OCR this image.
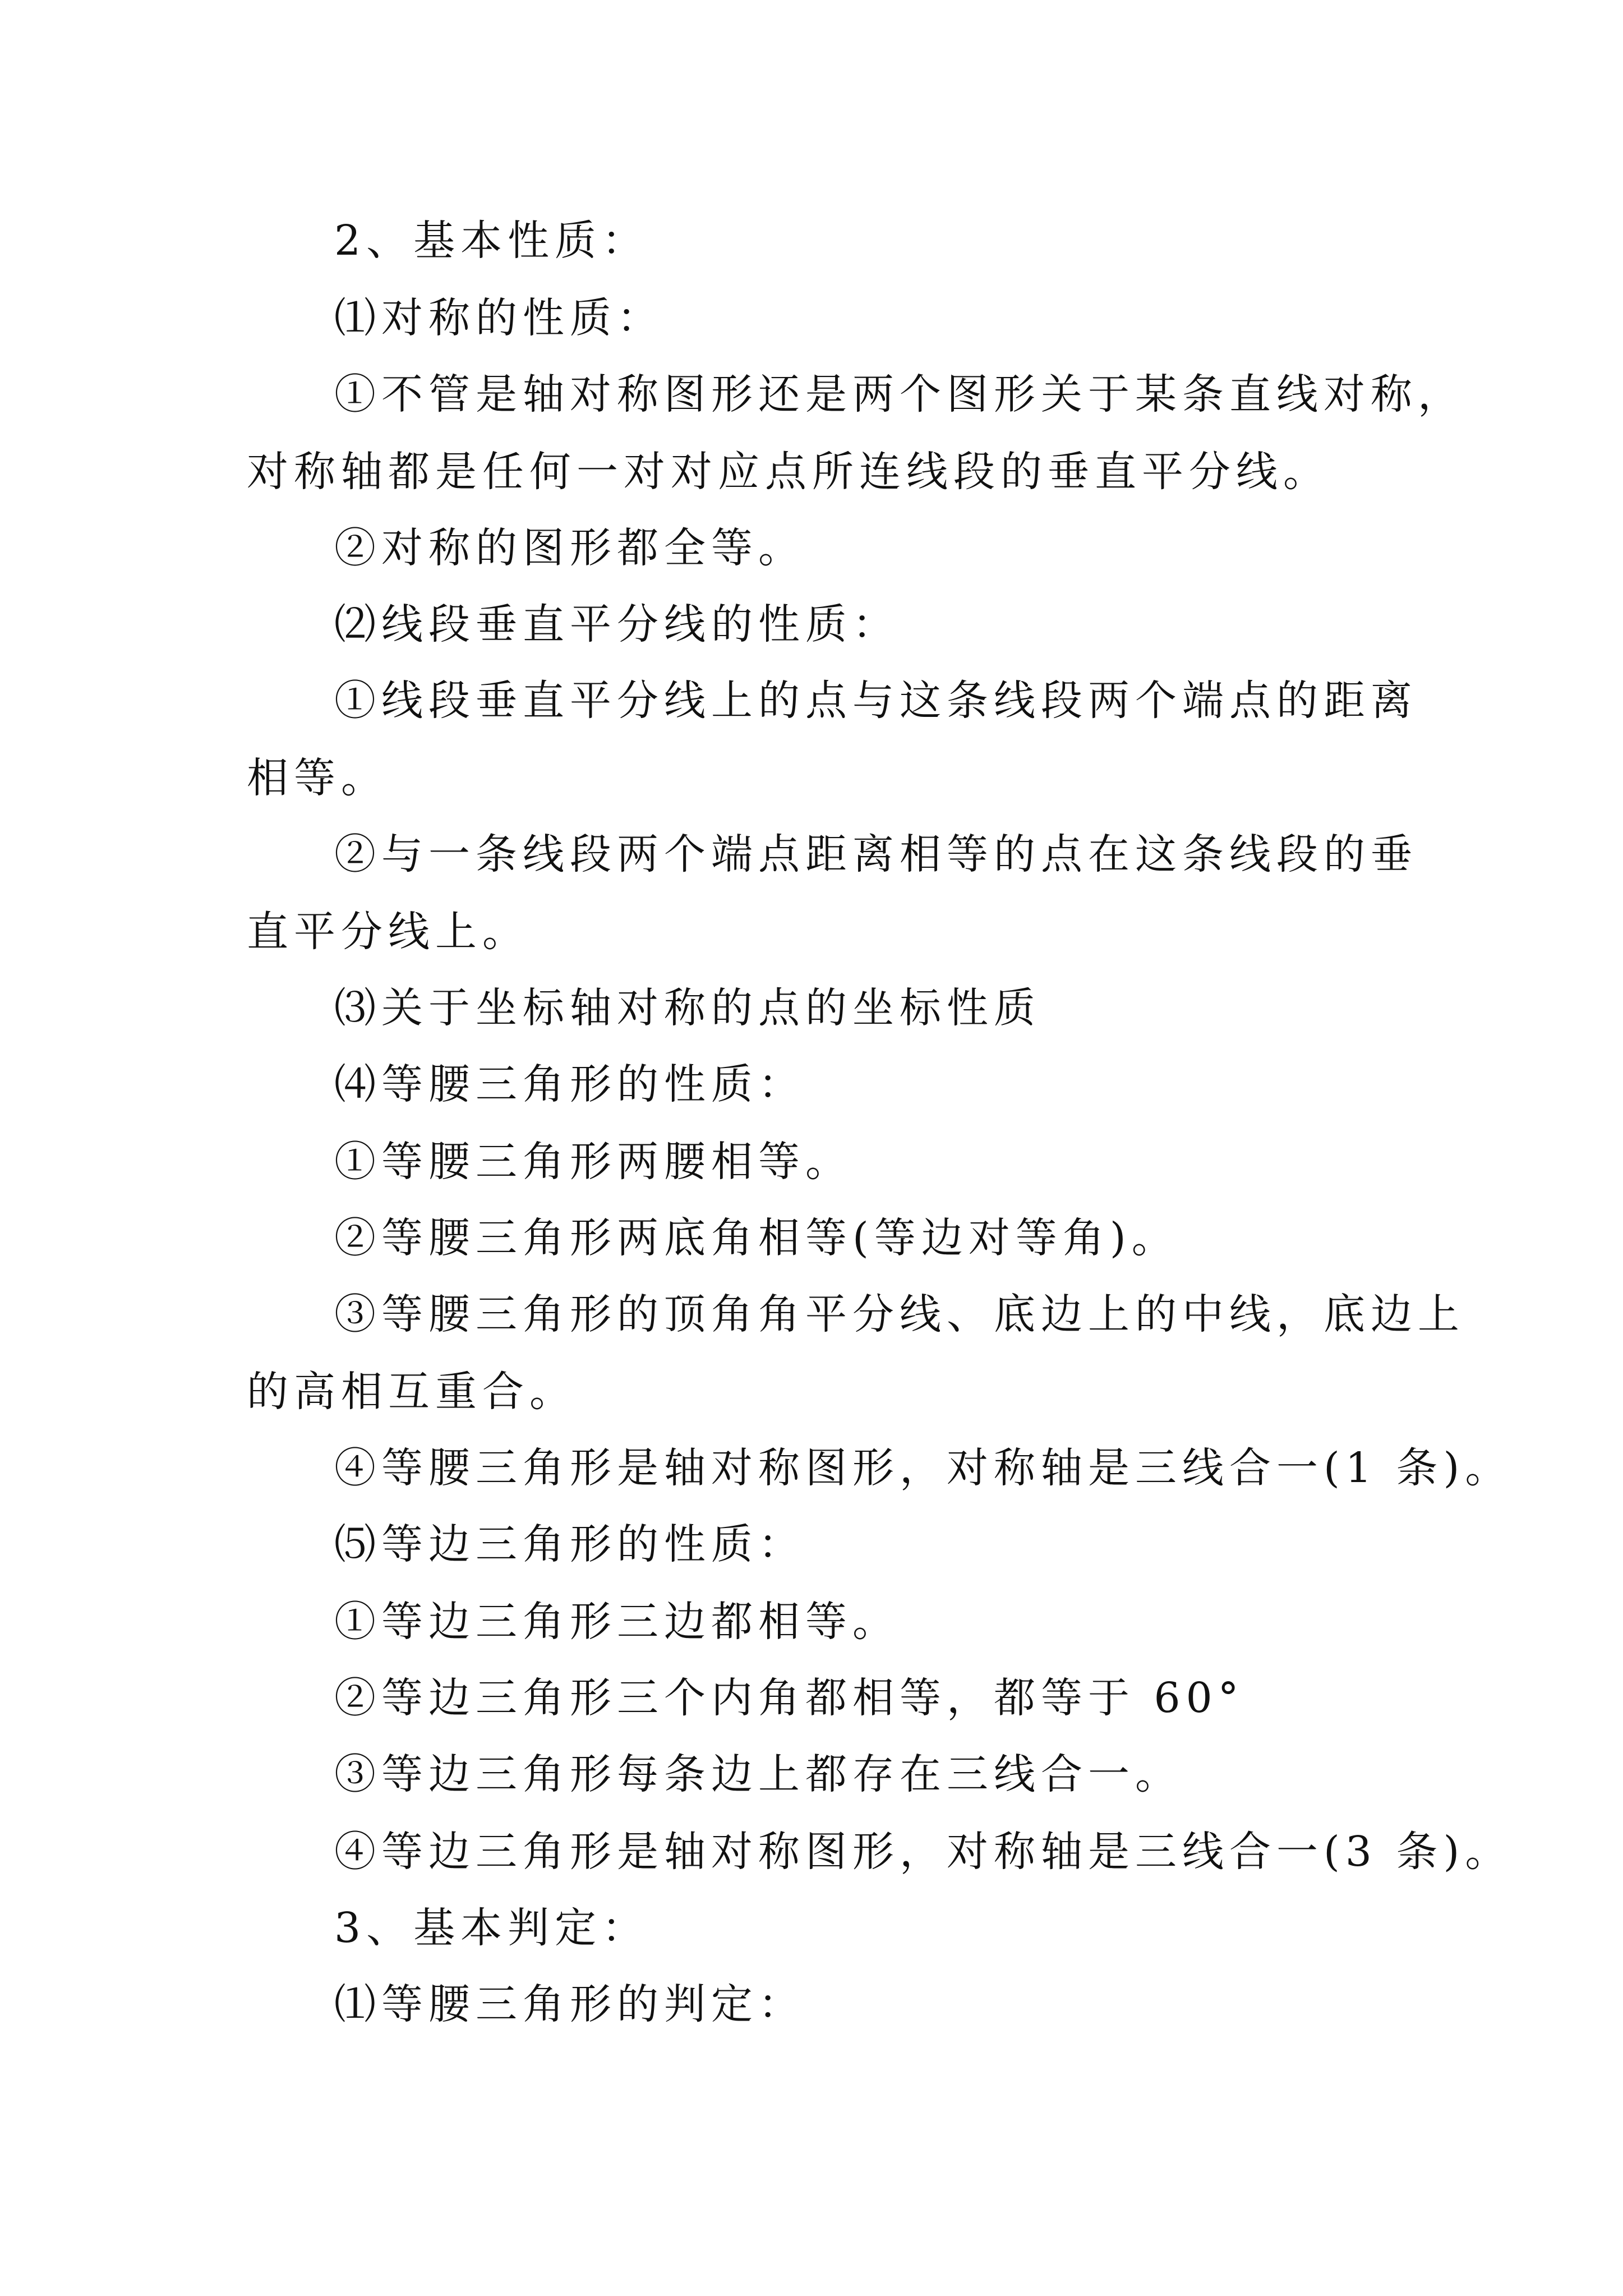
2、基本性质：
⑴对称的性质：
①不管是轴对称图形还是两个图形关于某条直线对称，
对称轴都是任何一对对应点所连线段的垂直平分线。
②对称的图形都全等。
⑵线段垂直平分线的性质：
①线段垂直平分线上的点与这条线段两个端点的距离
相等。
②与一条线段两个端点距离相等的点在这条线段的垂
直平分线上。
⑶关于坐标轴对称的点的坐标性质
⑷等腰三角形的性质：
①等腰三角形两腰相等。
②等腰三角形两底角相等(等边对等角)。
③等腰三角形的顶角角平分线、底边上的中线，底边上
的高相互重合。
④等腰三角形是轴对称图形，对称轴是三线合一(1 条)。
⑸等边三角形的性质：
①等边三角形三边都相等。
②等边三角形三个内角都相等，都等于 60°
③等边三角形每条边上都存在三线合一。
④等边三角形是轴对称图形，对称轴是三线合一(3 条)。
3、基本判定：
⑴等腰三角形的判定：
